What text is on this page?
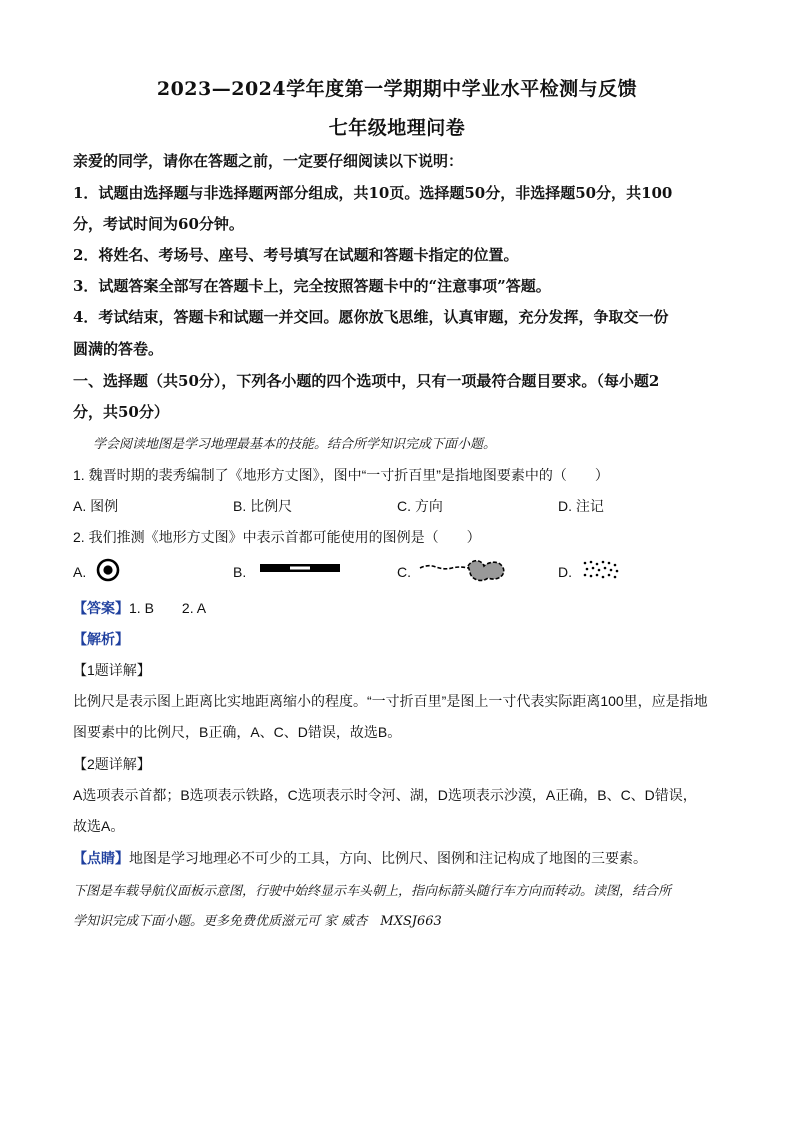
2023—2024学年度第一学期期中学业水平检测与反馈
七年级地理问卷
亲爱的同学，请你在答题之前，一定要仔细阅读以下说明：
1．试题由选择题与非选择题两部分组成，共10页。选择题50分，非选择题50分，共100
分，考试时间为60分钟。
2．将姓名、考场号、座号、考号填写在试题和答题卡指定的位置。
3．试题答案全部写在答题卡上，完全按照答题卡中的“注意事项”答题。
4．考试结束，答题卡和试题一并交回。愿你放飞思维，认真审题，充分发挥，争取交一份
圆满的答卷。
一、选择题（共50分），下列各小题的四个选项中，只有一项最符合题目要求。（每小题2
分，共50分）
学会阅读地图是学习地理最基本的技能。结合所学知识完成下面小题。
1. 魏晋时期的裴秀编制了《地形方丈图》，图中“一寸折百里”是指地图要素中的（　　）
A. 图例	B. 比例尺	C. 方向	D. 注记
2. 我们推测《地形方丈图》中表示首都可能使用的图例是（　　）
A.	B.	C.	D.
【答案】1. B　　2. A
【解析】
【1题详解】
比例尺是表示图上距离比实地距离缩小的程度。“一寸折百里”是图上一寸代表实际距离100里，应是指地
图要素中的比例尺，B正确，A、C、D错误，故选B。
【2题详解】
A选项表示首都；B选项表示铁路，C选项表示时令河、湖，D选项表示沙漠，A正确，B、C、D错误，
故选A。
【点睛】地图是学习地理必不可少的工具，方向、比例尺、图例和注记构成了地图的三要素。
下图是车载导航仪面板示意图，行驶中始终显示车头朝上，指向标箭头随行车方向而转动。读图，结合所
学知识完成下面小题。更多免费优质滋元可 家 威杏　MXSJ663
